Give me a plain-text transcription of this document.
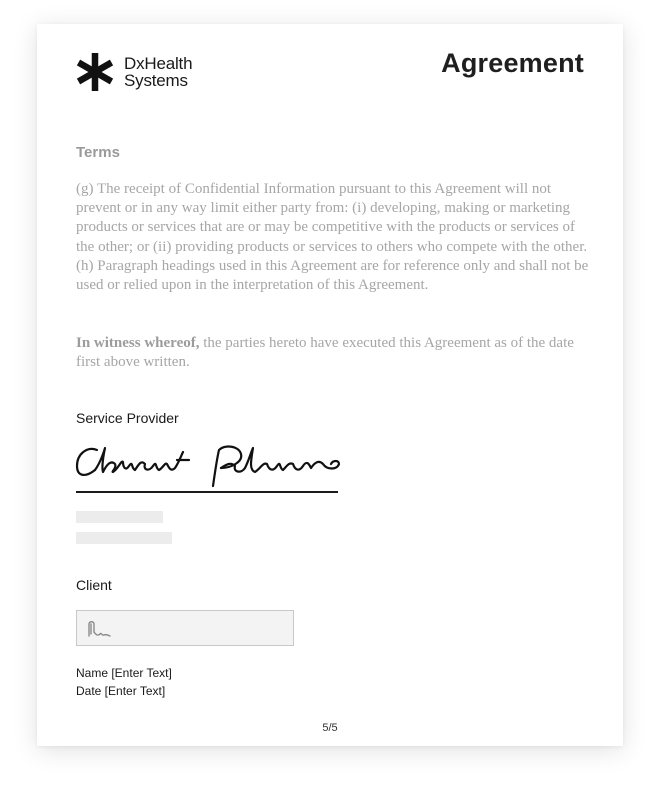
DxHealth
Systems
Agreement
Terms

(g) The receipt of Confidential Information pursuant to this Agreement will not prevent or in any way limit either party from: (i) developing, making or marketing products or services that are or may be competitive with the products or services of the other; or (ii) providing products or services to others who compete with the other.

(h) Paragraph headings used in this Agreement are for reference only and shall not be used or relied upon in the interpretation of this Agreement.

In witness whereof, the parties hereto have executed this Agreement as of the date first above written.

Service Provider

Client

Name [Enter Text]

Date [Enter Text]

5/5
